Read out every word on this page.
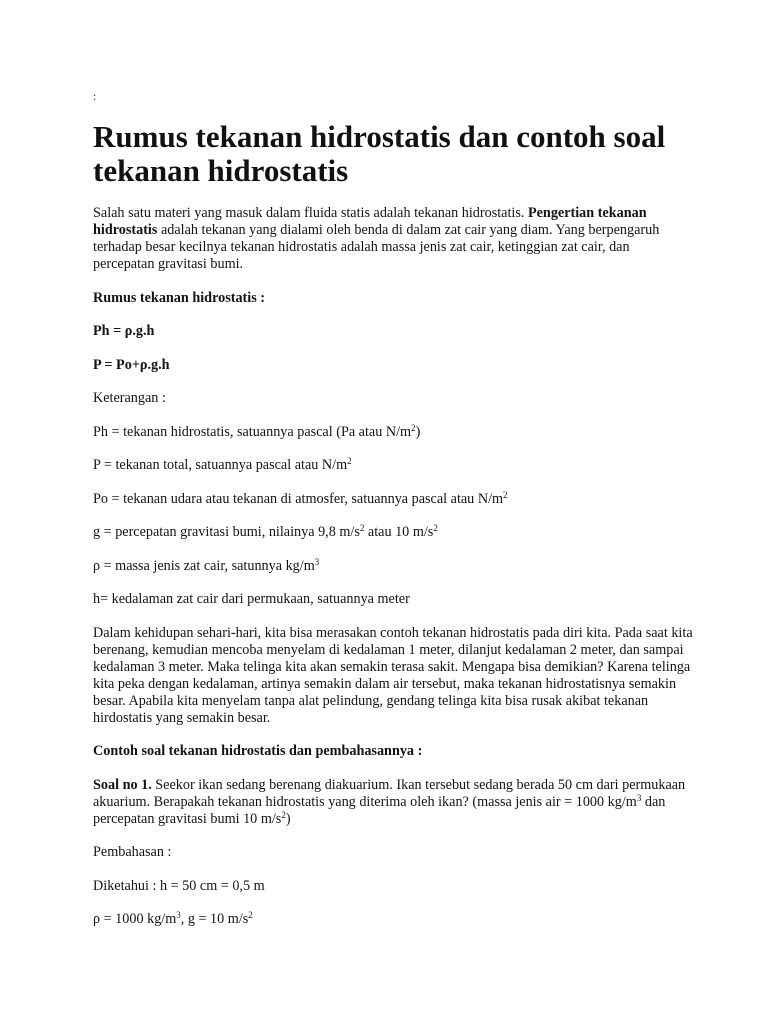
:
Rumus tekanan hidrostatis dan contoh soal tekanan hidrostatis

Salah satu materi yang masuk dalam fluida statis adalah tekanan hidrostatis. Pengertian tekanan hidrostatis adalah tekanan yang dialami oleh benda di dalam zat cair yang diam. Yang berpengaruh terhadap besar kecilnya tekanan hidrostatis adalah massa jenis zat cair, ketinggian zat cair, dan percepatan gravitasi bumi.

Rumus tekanan hidrostatis :

Ph = ρ.g.h

P = Po+ρ.g.h

Keterangan :

Ph = tekanan hidrostatis, satuannya pascal (Pa atau $N/m^2$)

P = tekanan total, satuannya pascal atau $N/m^2$

Po = tekanan udara atau tekanan di atmosfer, satuannya pascal atau $N/m^2$

g = percepatan gravitasi bumi, nilainya 9,8 $m/s^2$ atau 10 $m/s^2$

ρ = massa jenis zat cair, satunnya $kg/m^3$

h= kedalaman zat cair dari permukaan, satuannya meter

Dalam kehidupan sehari-hari, kita bisa merasakan contoh tekanan hidrostatis pada diri kita. Pada saat kita berenang, kemudian mencoba menyelam di kedalaman 1 meter, dilanjut kedalaman 2 meter, dan sampai kedalaman 3 meter. Maka telinga kita akan semakin terasa sakit. Mengapa bisa demikian? Karena telinga kita peka dengan kedalaman, artinya semakin dalam air tersebut, maka tekanan hidrostatisnya semakin besar. Apabila kita menyelam tanpa alat pelindung, gendang telinga kita bisa rusak akibat tekanan hirdostatis yang semakin besar.

Contoh soal tekanan hidrostatis dan pembahasannya :

Soal no 1. Seekor ikan sedang berenang diakuarium. Ikan tersebut sedang berada 50 cm dari permukaan akuarium. Berapakah tekanan hidrostatis yang diterima oleh ikan? (massa jenis air = 1000 $kg/m^3$ dan percepatan gravitasi bumi 10 $m/s^2$)

Pembahasan :

Diketahui : h = 50 cm = 0,5 m

ρ = 1000 $kg/m^3$, g = 10 $m/s^2$
